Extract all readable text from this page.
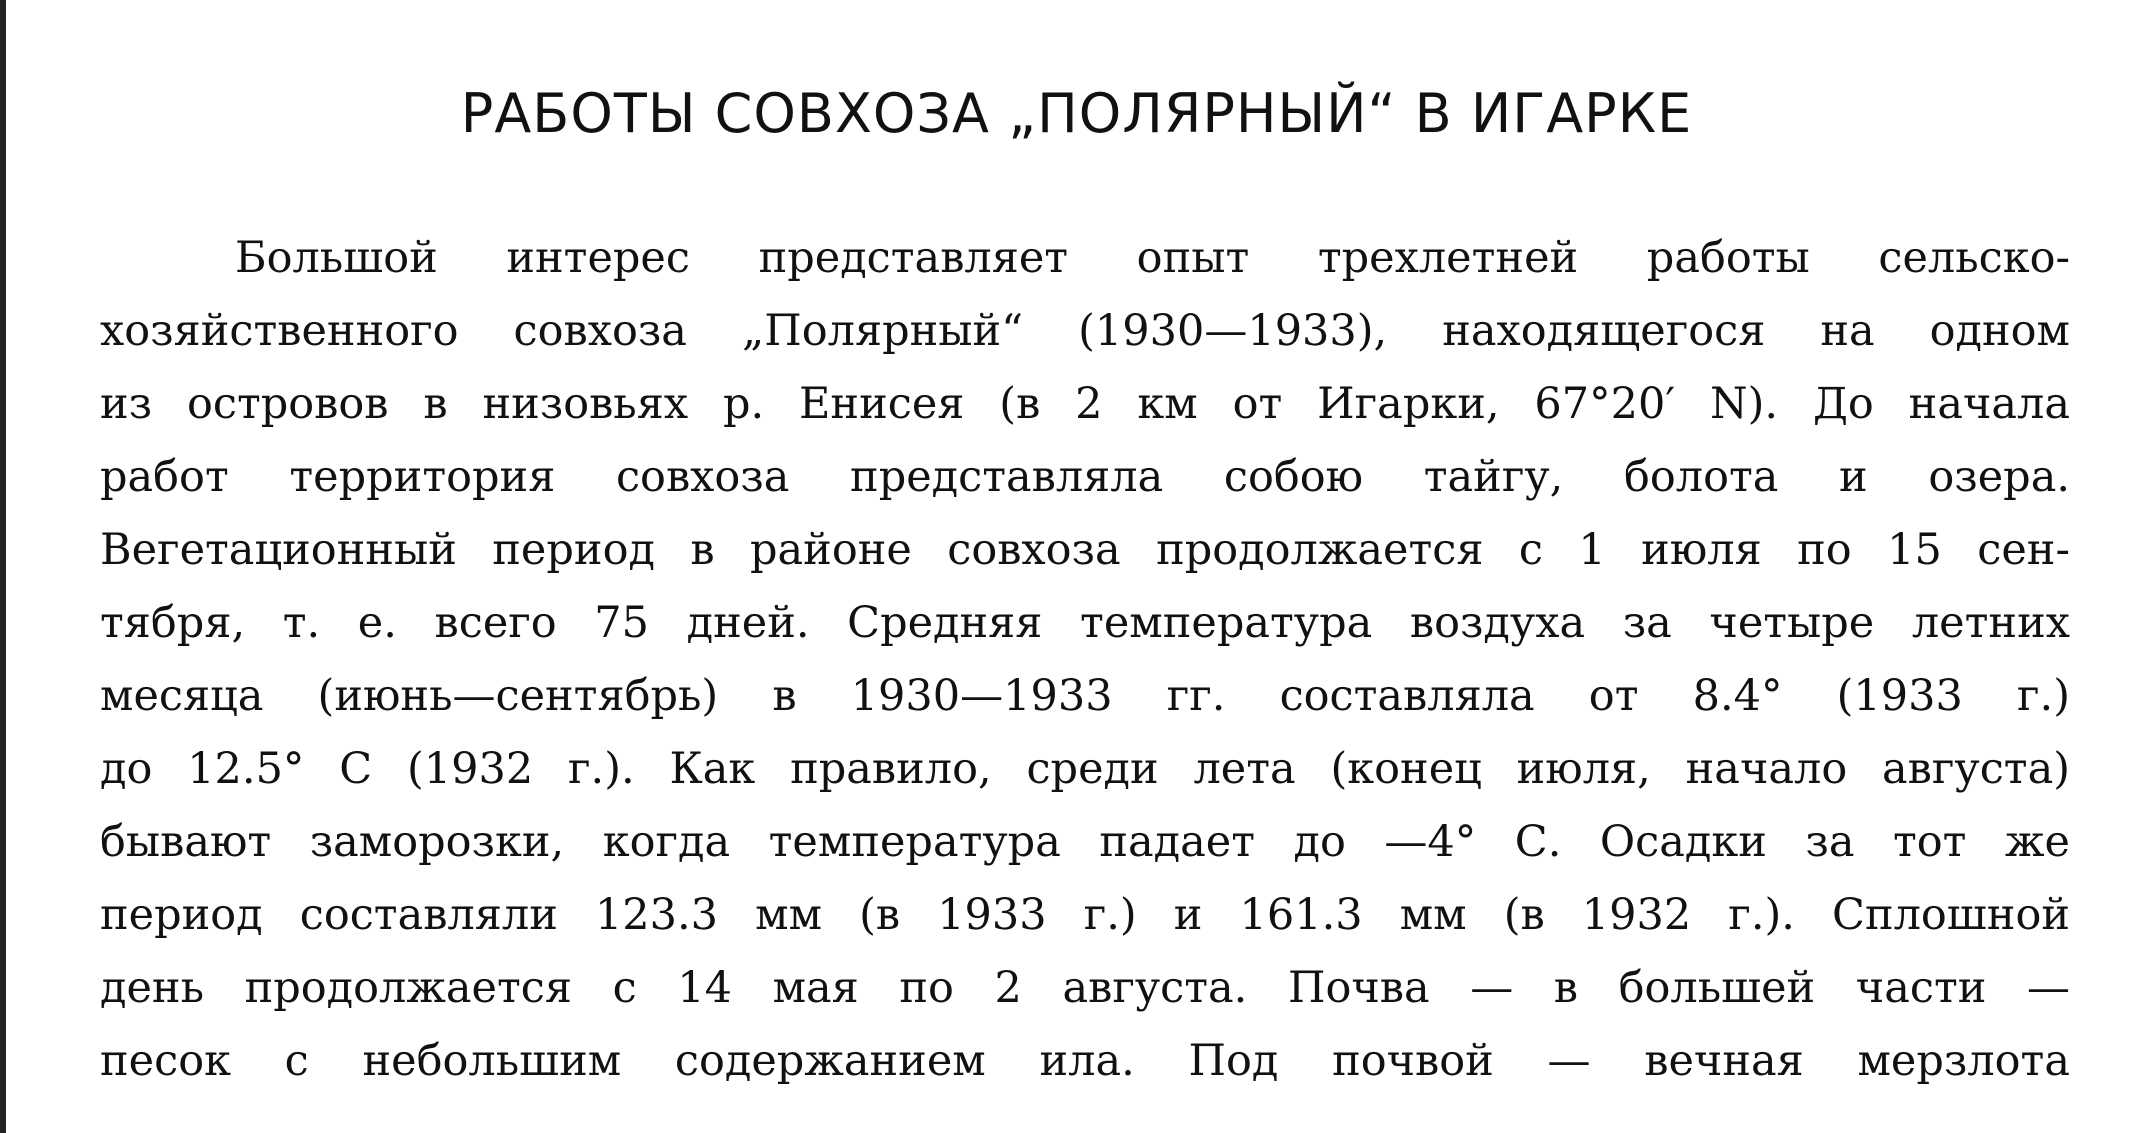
РАБОТЫ СОВХОЗА „ПОЛЯРНЫЙ“ В ИГАРКЕ
Большой интерес представляет опыт трехлетней работы сельско-
хозяйственного совхоза „Полярный“ (1930—1933), находящегося на одном
из островов в низовьях р. Енисея (в 2 км от Игарки, 67°20′ N). До начала
работ территория совхоза представляла собою тайгу, болота и озера.
Вегетационный период в районе совхоза продолжается с 1 июля по 15 сен-
тября, т. е. всего 75 дней. Средняя температура воздуха за четыре летних
месяца (июнь—сентябрь) в 1930—1933 гг. составляла от 8.4° (1933 г.)
до 12.5° С (1932 г.). Как правило, среди лета (конец июля, начало августа)
бывают заморозки, когда температура падает до —4° С. Осадки за тот же
период составляли 123.3 мм (в 1933 г.) и 161.3 мм (в 1932 г.). Сплошной
день продолжается с 14 мая по 2 августа. Почва — в большей части —
песок с небольшим содержанием ила. Под почвой — вечная мерзлота
